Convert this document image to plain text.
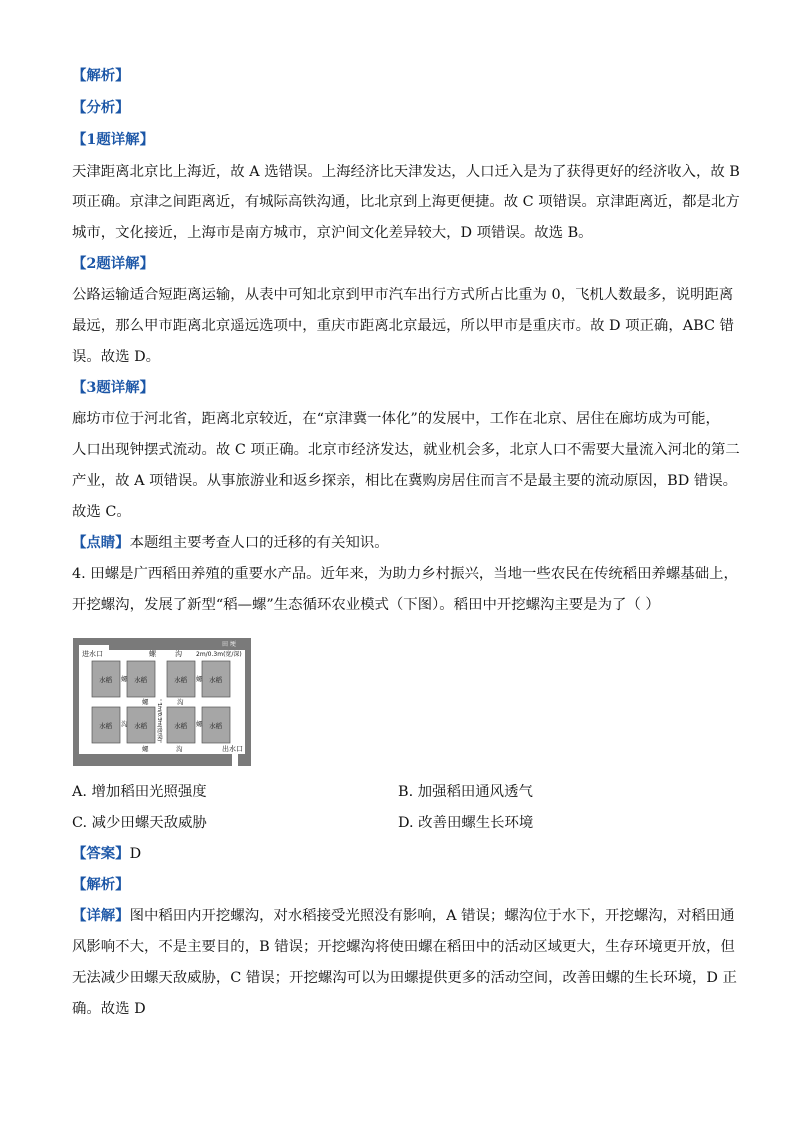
【解析】

【分析】

【1题详解】

天津距离北京比上海近，故 A 选错误。上海经济比天津发达，人口迁入是为了获得更好的经济收入，故 B

项正确。京津之间距离近，有城际高铁沟通，比北京到上海更便捷。故 C 项错误。京津距离近，都是北方

城市，文化接近，上海市是南方城市，京沪间文化差异较大，D 项错误。故选 B。

【2题详解】

公路运输适合短距离运输，从表中可知北京到甲市汽车出行方式所占比重为 0，飞机人数最多，说明距离

最远，那么甲市距离北京遥远选项中，重庆市距离北京最远，所以甲市是重庆市。故 D 项正确，ABC 错

误。故选 D。

【3题详解】

廊坊市位于河北省，距离北京较近，在“京津冀一体化”的发展中，工作在北京、居住在廊坊成为可能，

人口出现钟摆式流动。故 C 项正确。北京市经济发达，就业机会多，北京人口不需要大量流入河北的第二

产业，故 A 项错误。从事旅游业和返乡探亲，相比在冀购房居住而言不是最主要的流动原因，BD 错误。

故选 C。

【点睛】本题组主要考查人口的迁移的有关知识。

4. 田螺是广西稻田养殖的重要水产品。近年来，为助力乡村振兴，当地一些农民在传统稻田养螺基础上，

开挖螺沟，发展了新型“稻—螺”生态循环农业模式（下图）。稻田中开挖螺沟主要是为了（ ）

田 埂
进水口	螺	沟 2m/0.3m(宽/深)
出水口
水稻	水稻	水稻	水稻
水稻	水稻	水稻	水稻
1m/0.3m(宽/深)
螺	螺
螺	沟
沟	螺
螺	沟
A. 增加稻田光照强度	B. 加强稻田通风透气
C. 减少田螺天敌威胁	D. 改善田螺生长环境

【答案】D

【解析】

【详解】图中稻田内开挖螺沟，对水稻接受光照没有影响，A 错误；螺沟位于水下，开挖螺沟，对稻田通

风影响不大，不是主要目的，B 错误；开挖螺沟将使田螺在稻田中的活动区域更大，生存环境更开放，但

无法减少田螺天敌威胁，C 错误；开挖螺沟可以为田螺提供更多的活动空间，改善田螺的生长环境，D 正

确。故选 D
